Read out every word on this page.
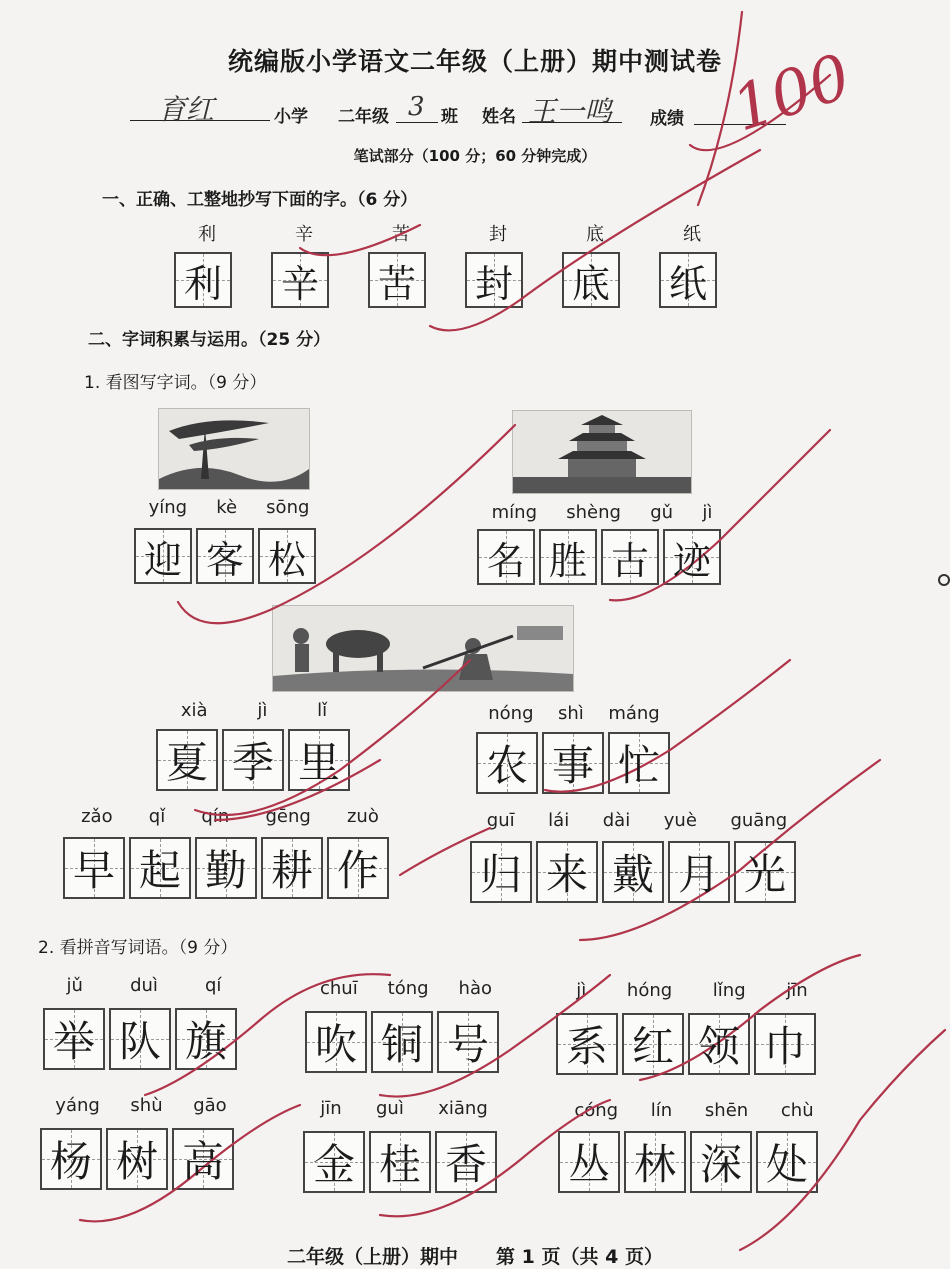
统编版小学语文二年级（上册）期中测试卷
育红	小学 二年级 3 班 姓名 王一鸣 成绩 100
笔试部分（100 分；60 分钟完成）
一、正确、工整地抄写下面的字。（6 分）
利	辛	苦	封	底	纸
利 辛 苦 封 底 纸
二、字词积累与运用。（25 分）
1. 看图写字词。（9 分）
yíng kè sōng
迎 客 松
míng shèng gǔ jì
名 胜 古 迹
xià	jì	lǐ
夏 季 里
nóng shì máng
农 事 忙
zǎo qǐ qín gēng zuò
早 起 勤 耕 作
guī lái dài yuè guāng
归 来 戴 月 光
2. 看拼音写词语。（9 分）
jǔ	duì	qí
举 队 旗
chuī tóng hào
吹 铜 号
jì hóng lǐng jīn
系 红 领 巾
yáng shù gāo
杨 树 高
jīn guì xiāng
金 桂 香
cóng lín shēn chù
丛 林 深 处
二年级（上册）期中　　第 1 页（共 4 页）
